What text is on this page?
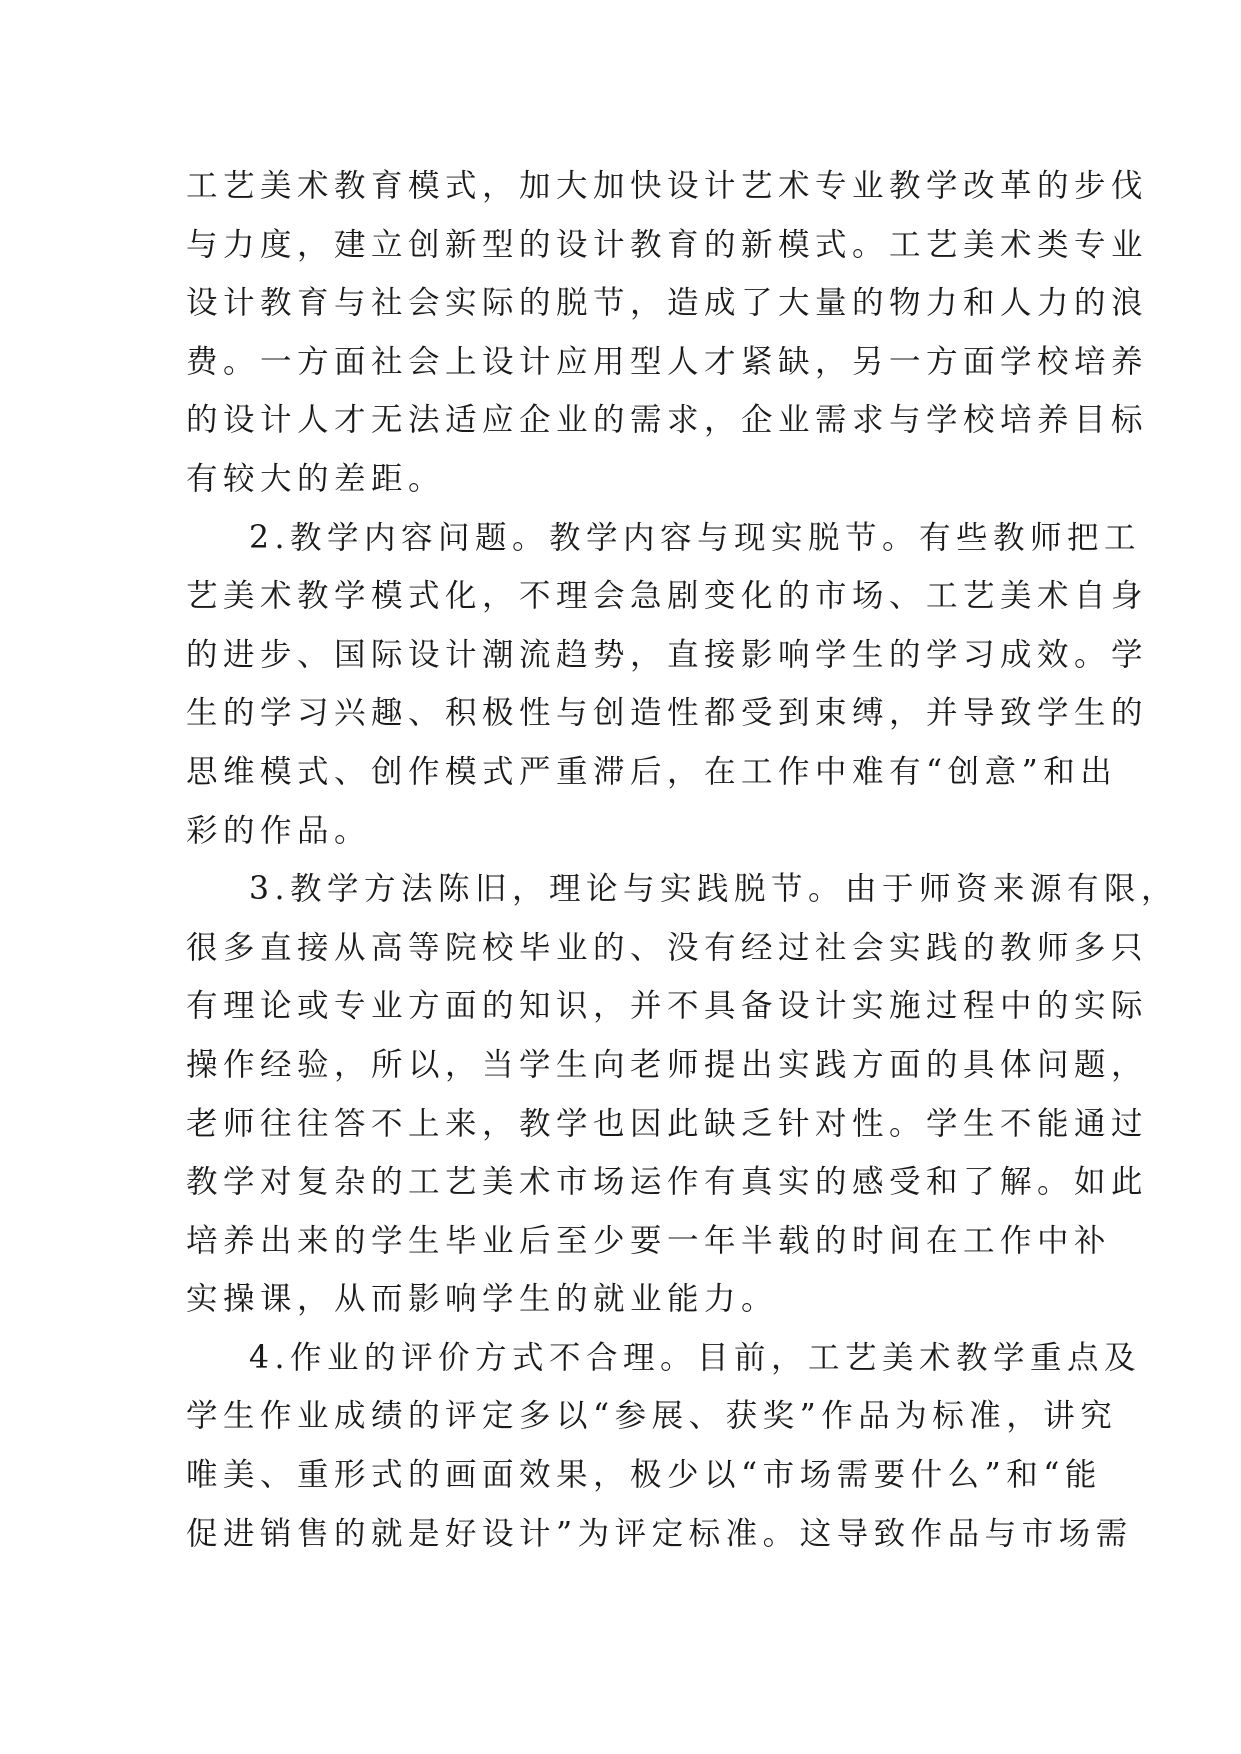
工艺美术教育模式，加大加快设计艺术专业教学改革的步伐
与力度，建立创新型的设计教育的新模式。工艺美术类专业
设计教育与社会实际的脱节，造成了大量的物力和人力的浪
费。一方面社会上设计应用型人才紧缺，另一方面学校培养
的设计人才无法适应企业的需求，企业需求与学校培养目标
有较大的差距。
2.教学内容问题。教学内容与现实脱节。有些教师把工
艺美术教学模式化，不理会急剧变化的市场、工艺美术自身
的进步、国际设计潮流趋势，直接影响学生的学习成效。学
生的学习兴趣、积极性与创造性都受到束缚，并导致学生的
思维模式、创作模式严重滞后，在工作中难有“创意”和出
彩的作品。
3.教学方法陈旧，理论与实践脱节。由于师资来源有限，
很多直接从高等院校毕业的、没有经过社会实践的教师多只
有理论或专业方面的知识，并不具备设计实施过程中的实际
操作经验，所以，当学生向老师提出实践方面的具体问题，
老师往往答不上来，教学也因此缺乏针对性。学生不能通过
教学对复杂的工艺美术市场运作有真实的感受和了解。如此
培养出来的学生毕业后至少要一年半载的时间在工作中补
实操课，从而影响学生的就业能力。
4.作业的评价方式不合理。目前，工艺美术教学重点及
学生作业成绩的评定多以“参展、获奖”作品为标准，讲究
唯美、重形式的画面效果，极少以“市场需要什么”和“能
促进销售的就是好设计”为评定标准。这导致作品与市场需
